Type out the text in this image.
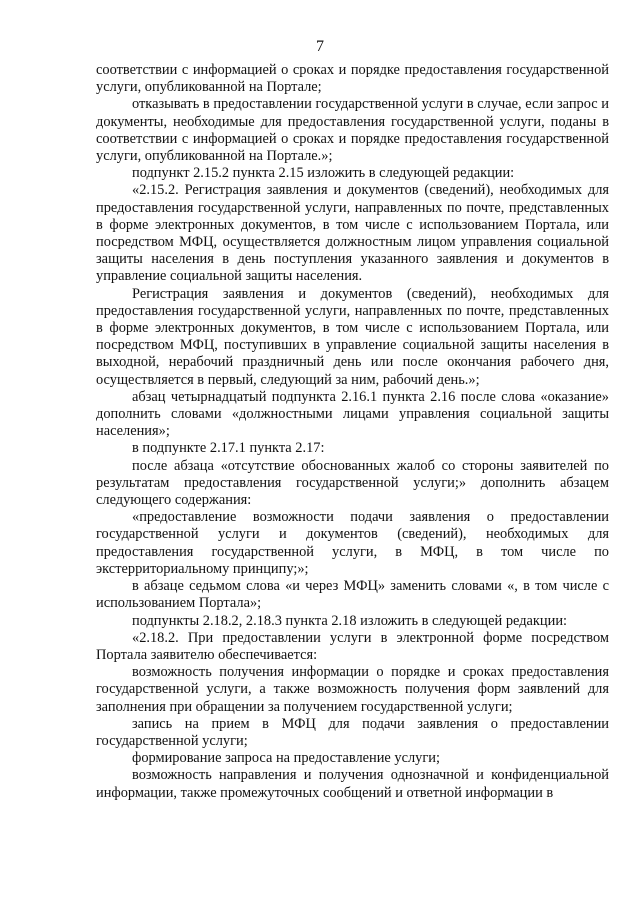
7

соответствии с информацией о сроках и порядке предоставления государственной услуги, опубликованной на Портале;

отказывать в предоставлении государственной услуги в случае, если запрос и документы, необходимые для предоставления государственной услуги, поданы в соответствии с информацией о сроках и порядке предоставления государственной услуги, опубликованной на Портале.»;

подпункт 2.15.2 пункта 2.15 изложить в следующей редакции:

«2.15.2. Регистрация заявления и документов (сведений), необходимых для предоставления государственной услуги, направленных по почте, представленных в форме электронных документов, в том числе с использованием Портала, или посредством МФЦ, осуществляется должностным лицом управления социальной защиты населения в день поступления указанного заявления и документов в управление социальной защиты населения.

Регистрация заявления и документов (сведений), необходимых для предоставления государственной услуги, направленных по почте, представленных в форме электронных документов, в том числе с использованием Портала, или посредством МФЦ, поступивших в управление социальной защиты населения в выходной, нерабочий праздничный день или после окончания рабочего дня, осуществляется в первый, следующий за ним, рабочий день.»;

абзац четырнадцатый подпункта 2.16.1 пункта 2.16 после слова «оказание» дополнить словами «должностными лицами управления социальной защиты населения»;

в подпункте 2.17.1 пункта 2.17:

после абзаца «отсутствие обоснованных жалоб со стороны заявителей по результатам предоставления государственной услуги;» дополнить абзацем следующего содержания:

«предоставление возможности подачи заявления о предоставлении государственной услуги и документов (сведений), необходимых для предоставления государственной услуги, в МФЦ, в том числе по экстерриториальному принципу;»;

в абзаце седьмом слова «и через МФЦ» заменить словами «, в том числе с использованием Портала»;

подпункты 2.18.2, 2.18.3 пункта 2.18 изложить в следующей редакции:

«2.18.2. При предоставлении услуги в электронной форме посредством Портала заявителю обеспечивается:

возможность получения информации о порядке и сроках предоставления государственной услуги, а также возможность получения форм заявлений для заполнения при обращении за получением государственной услуги;

запись на прием в МФЦ для подачи заявления о предоставлении государственной услуги;

формирование запроса на предоставление услуги;

возможность направления и получения однозначной и конфиденциальной информации, также промежуточных сообщений и ответной информации в
